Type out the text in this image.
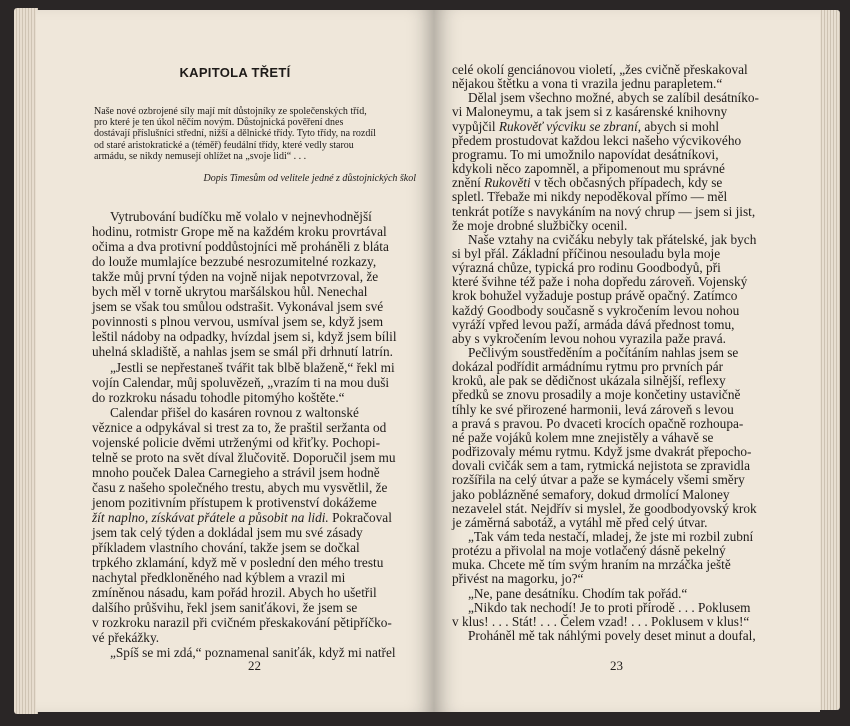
KAPITOLA TŘETÍ
Naše nové ozbrojené síly mají mít důstojníky ze společenských tříd,
pro které je ten úkol něčím novým. Důstojnická pověření dnes
dostávají příslušníci střední, nižší a dělnické třídy. Tyto třídy, na rozdíl
od staré aristokratické a (téměř) feudální třídy, které vedly starou
armádu, se nikdy nemusejí ohlížet na „svoje lidi“ . . .
Dopis Timesům od velitele jedné z důstojnických škol
Vytrubování budíčku mě volalo v nejnevhodnější
hodinu, rotmistr Grope mě na každém kroku provrtával
očima a dva protivní poddůstojníci mě proháněli z bláta
do louže mumlajíce bezzubé nesrozumitelné rozkazy,
takže můj první týden na vojně nijak nepotvrzoval, že
bych měl v torně ukrytou maršálskou hůl. Nenechal
jsem se však tou smůlou odstrašit. Vykonával jsem své
povinnosti s plnou vervou, usmíval jsem se, když jsem
leštil nádoby na odpadky, hvízdal jsem si, když jsem bílil
uhelná skladiště, a nahlas jsem se smál při drhnutí latrín.
„Jestli se nepřestaneš tvářit tak blbě blaženě,“ řekl mi
vojín Calendar, můj spoluvězeň, „vrazím ti na mou duši
do rozkroku násadu tohodle pitomýho koštěte.“
Calendar přišel do kasáren rovnou z waltonské
věznice a odpykával si trest za to, že praštil seržanta od
vojenské policie dvěmi utrženými od křiťky. Pochopi-
telně se proto na svět díval žlučovitě. Doporučil jsem mu
mnoho pouček Dalea Carnegieho a strávil jsem hodně
času z našeho společného trestu, abych mu vysvětlil, že
jenom pozitivním přístupem k protivenství dokážeme
žít naplno, získávat přátele a působit na lidi. Pokračoval
jsem tak celý týden a dokládal jsem mu své zásady
příkladem vlastního chování, takže jsem se dočkal
trpkého zklamání, když mě v poslední den mého trestu
nachytal předkloněného nad kýblem a vrazil mi
zmíněnou násadu, kam pořád hrozil. Abych ho ušetřil
dalšího průšvihu, řekl jsem saniťákovi, že jsem se
v rozkroku narazil při cvičném přeskakování pětipříčko-
vé překážky.
„Spíš se mi zdá,“ poznamenal saniťák, když mi natřel
22
celé okolí genciánovou violetí, „žes cvičně přeskakoval
nějakou štětku a vona ti vrazila jednu parapletem.“
Dělal jsem všechno možné, abych se zalíbil desátníko-
vi Maloneymu, a tak jsem si z kasárenské knihovny
vypůjčil Rukověť výcviku se zbraní, abych si mohl
předem prostudovat každou lekci našeho výcvikového
programu. To mi umožnilo napovídat desátníkovi,
kdykoli něco zapomněl, a připomenout mu správné
znění Rukověti v těch občasných případech, kdy se
spletl. Třebaže mi nikdy nepoděkoval přímo — měl
tenkrát potíže s navykáním na nový chrup — jsem si jist,
že moje drobné službičky ocenil.
Naše vztahy na cvičáku nebyly tak přátelské, jak bych
si byl přál. Základní příčinou nesouladu byla moje
výrazná chůze, typická pro rodinu Goodbodyů, při
které švihne též paže i noha dopředu zároveň. Vojenský
krok bohužel vyžaduje postup právě opačný. Zatímco
každý Goodbody současně s vykročením levou nohou
vyráží vpřed levou paží, armáda dává přednost tomu,
aby s vykročením levou nohou vyrazila paže pravá.
Pečlivým soustředěním a počítáním nahlas jsem se
dokázal podřídit armádnímu rytmu pro prvních pár
kroků, ale pak se dědičnost ukázala silnější, reflexy
předků se znovu prosadily a moje končetiny ustavičně
tíhly ke své přirozené harmonii, levá zároveň s levou
a pravá s pravou. Po dvaceti krocích opačně rozhoupa-
né paže vojáků kolem mne znejistěly a váhavě se
podřizovaly mému rytmu. Když jsme dvakrát přepocho-
dovali cvičák sem a tam, rytmická nejistota se zpravidla
rozšířila na celý útvar a paže se kymácely všemi směry
jako poblázněné semafory, dokud drmolící Maloney
nezavelel stát. Nejdřív si myslel, že goodbodyovský krok
je záměrná sabotáž, a vytáhl mě před celý útvar.
„Tak vám teda nestačí, mladej, že jste mi rozbil zubní
protézu a přivolal na moje votlačený dásně pekelný
muka. Chcete mě tím svým hraním na mrzáčka ještě
přivést na magorku, jo?“
„Ne, pane desátníku. Chodím tak pořád.“
„Nikdo tak nechodí! Je to proti přírodě . . . Poklusem
v klus! . . . Stát! . . . Čelem vzad! . . . Poklusem v klus!“
Proháněl mě tak náhlými povely deset minut a doufal,
23
